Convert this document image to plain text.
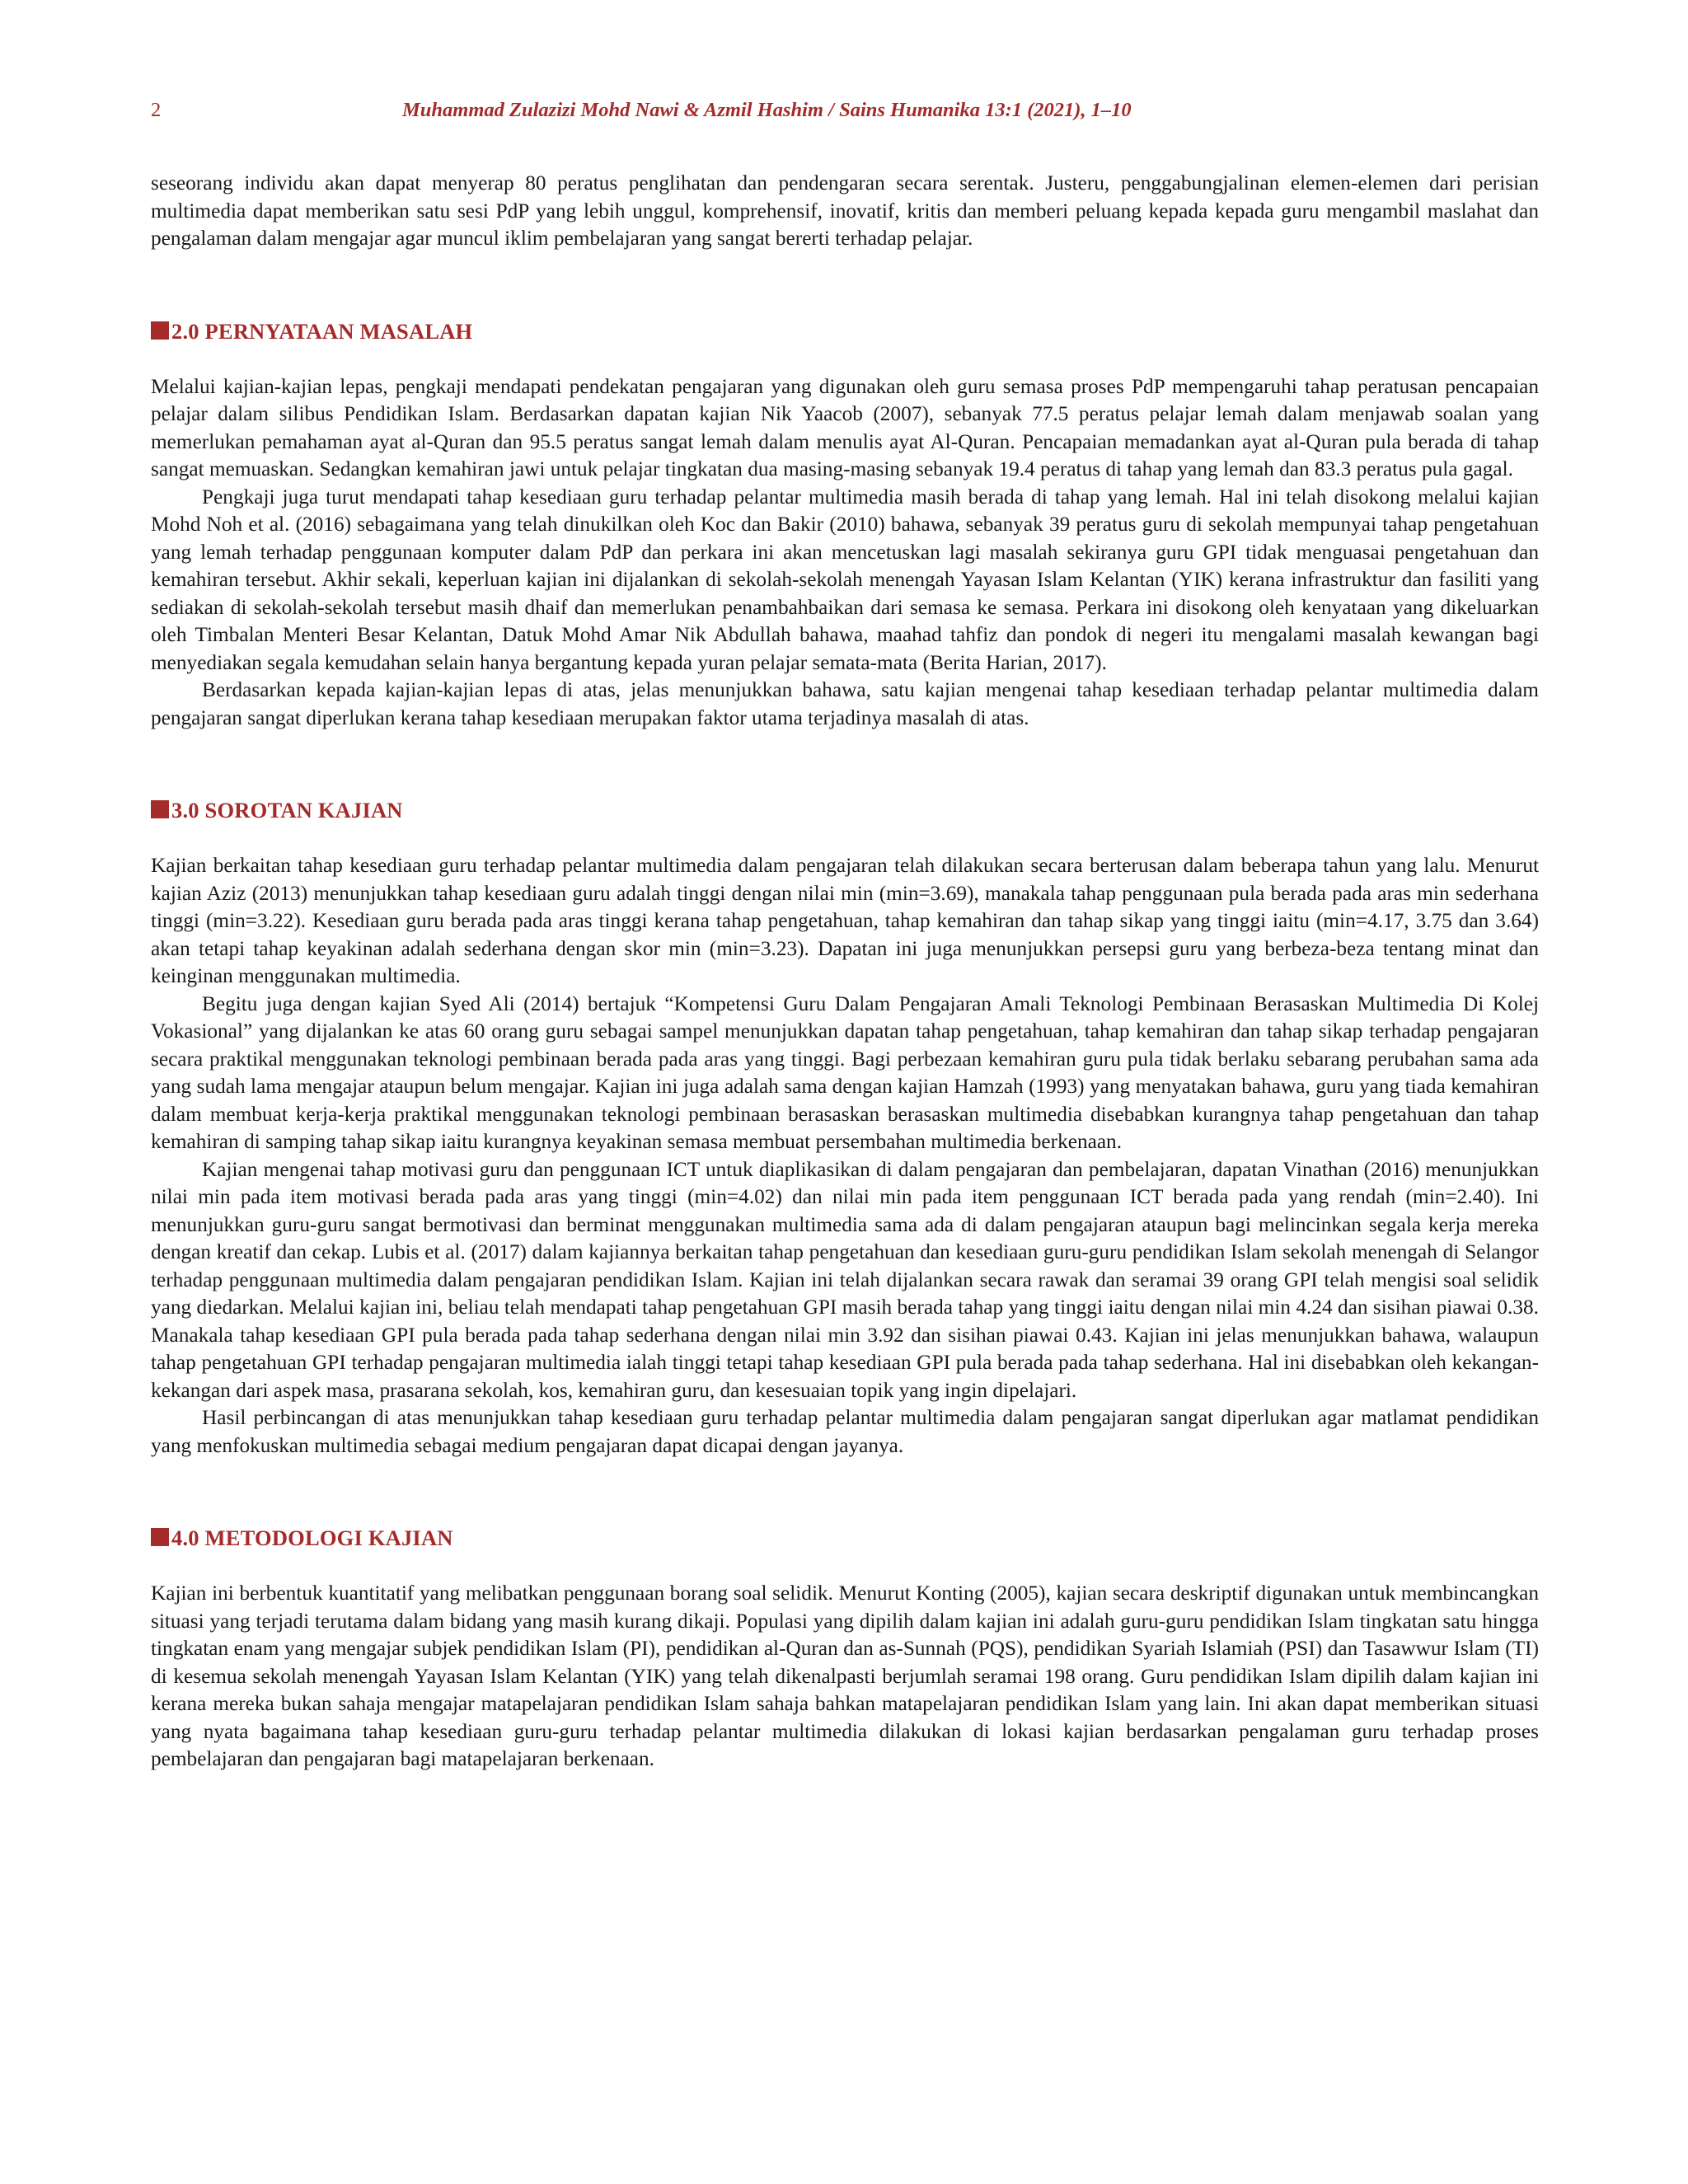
2	Muhammad Zulazizi Mohd Nawi & Azmil Hashim / Sains Humanika 13:1 (2021), 1–10

seseorang individu akan dapat menyerap 80 peratus penglihatan dan pendengaran secara serentak. Justeru, penggabungjalinan elemen-elemen dari perisian multimedia dapat memberikan satu sesi PdP yang lebih unggul, komprehensif, inovatif, kritis dan memberi peluang kepada kepada guru mengambil maslahat dan pengalaman dalam mengajar agar muncul iklim pembelajaran yang sangat bererti terhadap pelajar.

2.0 PERNYATAAN MASALAH

Melalui kajian-kajian lepas, pengkaji mendapati pendekatan pengajaran yang digunakan oleh guru semasa proses PdP mempengaruhi tahap peratusan pencapaian pelajar dalam silibus Pendidikan Islam. Berdasarkan dapatan kajian Nik Yaacob (2007), sebanyak 77.5 peratus pelajar lemah dalam menjawab soalan yang memerlukan pemahaman ayat al-Quran dan 95.5 peratus sangat lemah dalam menulis ayat Al-Quran. Pencapaian memadankan ayat al-Quran pula berada di tahap sangat memuaskan. Sedangkan kemahiran jawi untuk pelajar tingkatan dua masing-masing sebanyak 19.4 peratus di tahap yang lemah dan 83.3 peratus pula gagal.

Pengkaji juga turut mendapati tahap kesediaan guru terhadap pelantar multimedia masih berada di tahap yang lemah. Hal ini telah disokong melalui kajian Mohd Noh et al. (2016) sebagaimana yang telah dinukilkan oleh Koc dan Bakir (2010) bahawa, sebanyak 39 peratus guru di sekolah mempunyai tahap pengetahuan yang lemah terhadap penggunaan komputer dalam PdP dan perkara ini akan mencetuskan lagi masalah sekiranya guru GPI tidak menguasai pengetahuan dan kemahiran tersebut. Akhir sekali, keperluan kajian ini dijalankan di sekolah-sekolah menengah Yayasan Islam Kelantan (YIK) kerana infrastruktur dan fasiliti yang sediakan di sekolah-sekolah tersebut masih dhaif dan memerlukan penambahbaikan dari semasa ke semasa. Perkara ini disokong oleh kenyataan yang dikeluarkan oleh Timbalan Menteri Besar Kelantan, Datuk Mohd Amar Nik Abdullah bahawa, maahad tahfiz dan pondok di negeri itu mengalami masalah kewangan bagi menyediakan segala kemudahan selain hanya bergantung kepada yuran pelajar semata-mata (Berita Harian, 2017).

Berdasarkan kepada kajian-kajian lepas di atas, jelas menunjukkan bahawa, satu kajian mengenai tahap kesediaan terhadap pelantar multimedia dalam pengajaran sangat diperlukan kerana tahap kesediaan merupakan faktor utama terjadinya masalah di atas.

3.0 SOROTAN KAJIAN

Kajian berkaitan tahap kesediaan guru terhadap pelantar multimedia dalam pengajaran telah dilakukan secara berterusan dalam beberapa tahun yang lalu. Menurut kajian Aziz (2013) menunjukkan tahap kesediaan guru adalah tinggi dengan nilai min (min=3.69), manakala tahap penggunaan pula berada pada aras min sederhana tinggi (min=3.22). Kesediaan guru berada pada aras tinggi kerana tahap pengetahuan, tahap kemahiran dan tahap sikap yang tinggi iaitu (min=4.17, 3.75 dan 3.64) akan tetapi tahap keyakinan adalah sederhana dengan skor min (min=3.23). Dapatan ini juga menunjukkan persepsi guru yang berbeza-beza tentang minat dan keinginan menggunakan multimedia.

Begitu juga dengan kajian Syed Ali (2014) bertajuk “Kompetensi Guru Dalam Pengajaran Amali Teknologi Pembinaan Berasaskan Multimedia Di Kolej Vokasional” yang dijalankan ke atas 60 orang guru sebagai sampel menunjukkan dapatan tahap pengetahuan, tahap kemahiran dan tahap sikap terhadap pengajaran secara praktikal menggunakan teknologi pembinaan berada pada aras yang tinggi. Bagi perbezaan kemahiran guru pula tidak berlaku sebarang perubahan sama ada yang sudah lama mengajar ataupun belum mengajar. Kajian ini juga adalah sama dengan kajian Hamzah (1993) yang menyatakan bahawa, guru yang tiada kemahiran dalam membuat kerja-kerja praktikal menggunakan teknologi pembinaan berasaskan berasaskan multimedia disebabkan kurangnya tahap pengetahuan dan tahap kemahiran di samping tahap sikap iaitu kurangnya keyakinan semasa membuat persembahan multimedia berkenaan.

Kajian mengenai tahap motivasi guru dan penggunaan ICT untuk diaplikasikan di dalam pengajaran dan pembelajaran, dapatan Vinathan (2016) menunjukkan nilai min pada item motivasi berada pada aras yang tinggi (min=4.02) dan nilai min pada item penggunaan ICT berada pada yang rendah (min=2.40). Ini menunjukkan guru-guru sangat bermotivasi dan berminat menggunakan multimedia sama ada di dalam pengajaran ataupun bagi melincinkan segala kerja mereka dengan kreatif dan cekap. Lubis et al. (2017) dalam kajiannya berkaitan tahap pengetahuan dan kesediaan guru-guru pendidikan Islam sekolah menengah di Selangor terhadap penggunaan multimedia dalam pengajaran pendidikan Islam. Kajian ini telah dijalankan secara rawak dan seramai 39 orang GPI telah mengisi soal selidik yang diedarkan. Melalui kajian ini, beliau telah mendapati tahap pengetahuan GPI masih berada tahap yang tinggi iaitu dengan nilai min 4.24 dan sisihan piawai 0.38. Manakala tahap kesediaan GPI pula berada pada tahap sederhana dengan nilai min 3.92 dan sisihan piawai 0.43. Kajian ini jelas menunjukkan bahawa, walaupun tahap pengetahuan GPI terhadap pengajaran multimedia ialah tinggi tetapi tahap kesediaan GPI pula berada pada tahap sederhana. Hal ini disebabkan oleh kekangan-kekangan dari aspek masa, prasarana sekolah, kos, kemahiran guru, dan kesesuaian topik yang ingin dipelajari.

Hasil perbincangan di atas menunjukkan tahap kesediaan guru terhadap pelantar multimedia dalam pengajaran sangat diperlukan agar matlamat pendidikan yang menfokuskan multimedia sebagai medium pengajaran dapat dicapai dengan jayanya.

4.0 METODOLOGI KAJIAN

Kajian ini berbentuk kuantitatif yang melibatkan penggunaan borang soal selidik. Menurut Konting (2005), kajian secara deskriptif digunakan untuk membincangkan situasi yang terjadi terutama dalam bidang yang masih kurang dikaji. Populasi yang dipilih dalam kajian ini adalah guru-guru pendidikan Islam tingkatan satu hingga tingkatan enam yang mengajar subjek pendidikan Islam (PI), pendidikan al-Quran dan as-Sunnah (PQS), pendidikan Syariah Islamiah (PSI) dan Tasawwur Islam (TI) di kesemua sekolah menengah Yayasan Islam Kelantan (YIK) yang telah dikenalpasti berjumlah seramai 198 orang. Guru pendidikan Islam dipilih dalam kajian ini kerana mereka bukan sahaja mengajar matapelajaran pendidikan Islam sahaja bahkan matapelajaran pendidikan Islam yang lain. Ini akan dapat memberikan situasi yang nyata bagaimana tahap kesediaan guru-guru terhadap pelantar multimedia dilakukan di lokasi kajian berdasarkan pengalaman guru terhadap proses pembelajaran dan pengajaran bagi matapelajaran berkenaan.
